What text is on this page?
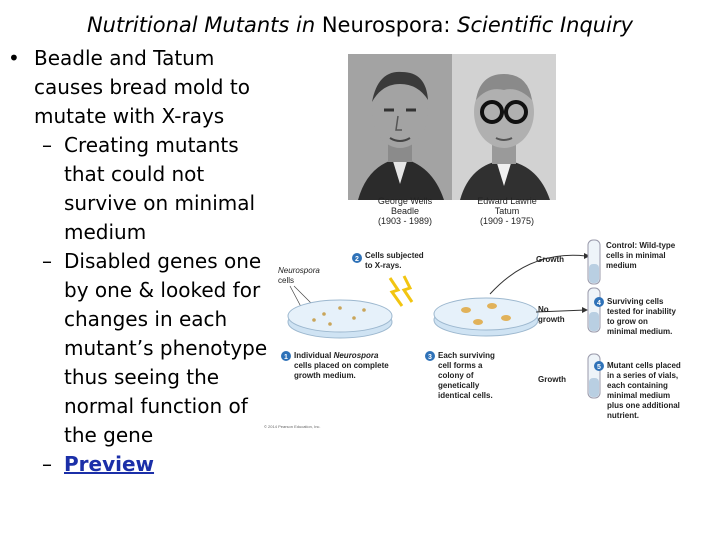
Nutritional Mutants in Neurospora: Scientific Inquiry
• Beadle and Tatum causes bread mold to mutate with X-rays
– Creating mutants that could not survive on minimal medium
– Disabled genes one by one & looked for changes in each mutant’s phenotype thus seeing the normal function of the gene
– Preview
George Wells
Beadle
(1903 - 1989)
Edward Lawrie
Tatum
(1909 - 1975)
Neurospora
cells
2 Cells subjected
to X-rays.
1 Individual Neurospora
cells placed on complete
growth medium.
3 Each surviving
cell forms a
colony of
genetically
identical cells.
Growth
No
growth
Growth
Control: Wild-type
cells in minimal
medium
4 Surviving cells
tested for inability
to grow on
minimal medium.
5 Mutant cells placed
in a series of vials,
each containing
minimal medium
plus one additional
nutrient.
© 2014 Pearson Education, Inc.
